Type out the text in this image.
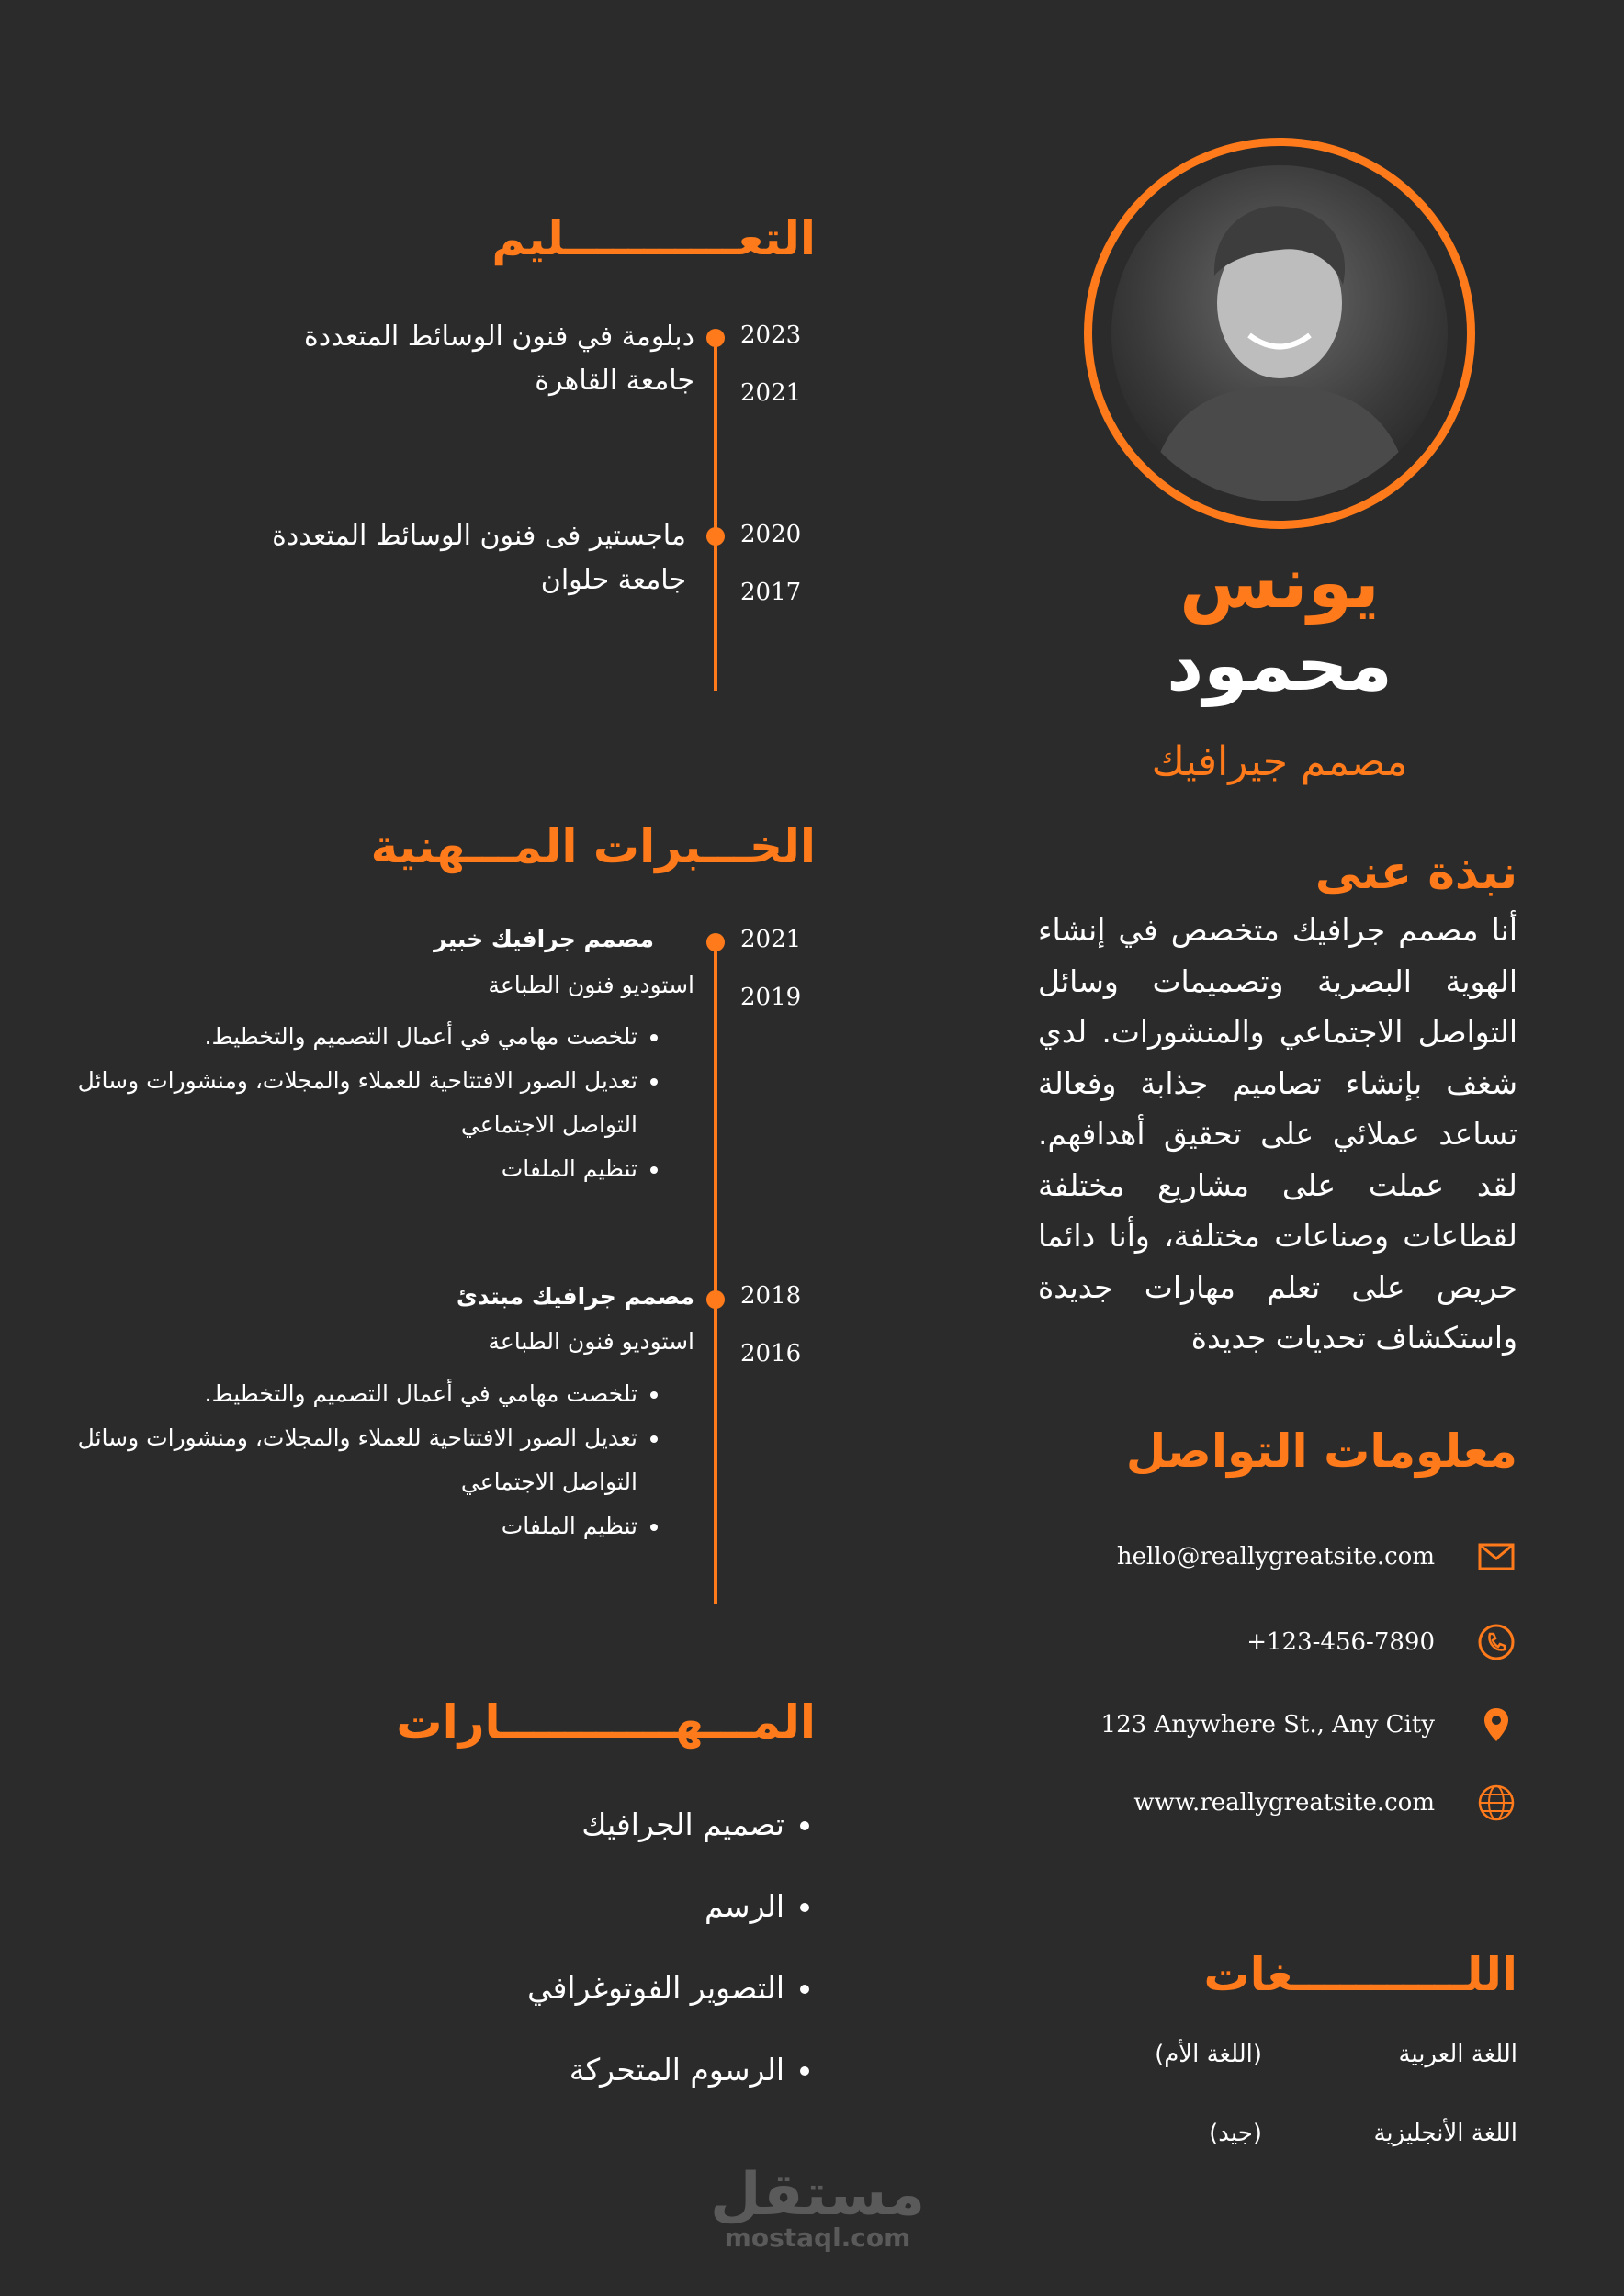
يونس
محمود
مصمم جيرافيك
نبذة عنى
أنا مصمم جرافيك متخصص في إنشاء الهوية البصرية وتصميمات وسائل التواصل الاجتماعي والمنشورات. لدي شغف بإنشاء تصاميم جذابة وفعالة تساعد عملائي على تحقيق أهدافهم. لقد عملت على مشاريع مختلفة لقطاعات وصناعات مختلفة، وأنا دائما حريص على تعلم مهارات جديدة واستكشاف تحديات جديدة
معلومات التواصل
hello@reallygreatsite.com
+123-456-7890
123 Anywhere St., Any City
www.reallygreatsite.com
اللـــــــــــغات
اللغة العربية
(اللغة الأم)
اللغة الأنجليزية
(جيد)
التعـــــــــــليم
2023
2021
دبلومة في فنون الوسائط المتعددة
جامعة القاهرة
2020
2017
ماجستير فى فنون الوسائط المتعددة
جامعة حلوان
الخـــبرات المـــهنية
2021
2019
مصمم جرافيك خبير
استوديو فنون الطباعة
• تلخصت مهامي في أعمال التصميم والتخطيط.
• تعديل الصور الافتتاحية للعملاء والمجلات، ومنشورات وسائل التواصل الاجتماعي
• تنظيم الملفات
2018
2016
مصمم جرافيك مبتدئ
استوديو فنون الطباعة
• تلخصت مهامي في أعمال التصميم والتخطيط.
• تعديل الصور الافتتاحية للعملاء والمجلات، ومنشورات وسائل التواصل الاجتماعي
• تنظيم الملفات
المـــهـــــــــــارات
• تصميم الجرافيك
• الرسم
• التصوير الفوتوغرافي
• الرسوم المتحركة
مستقل
mostaql.com
